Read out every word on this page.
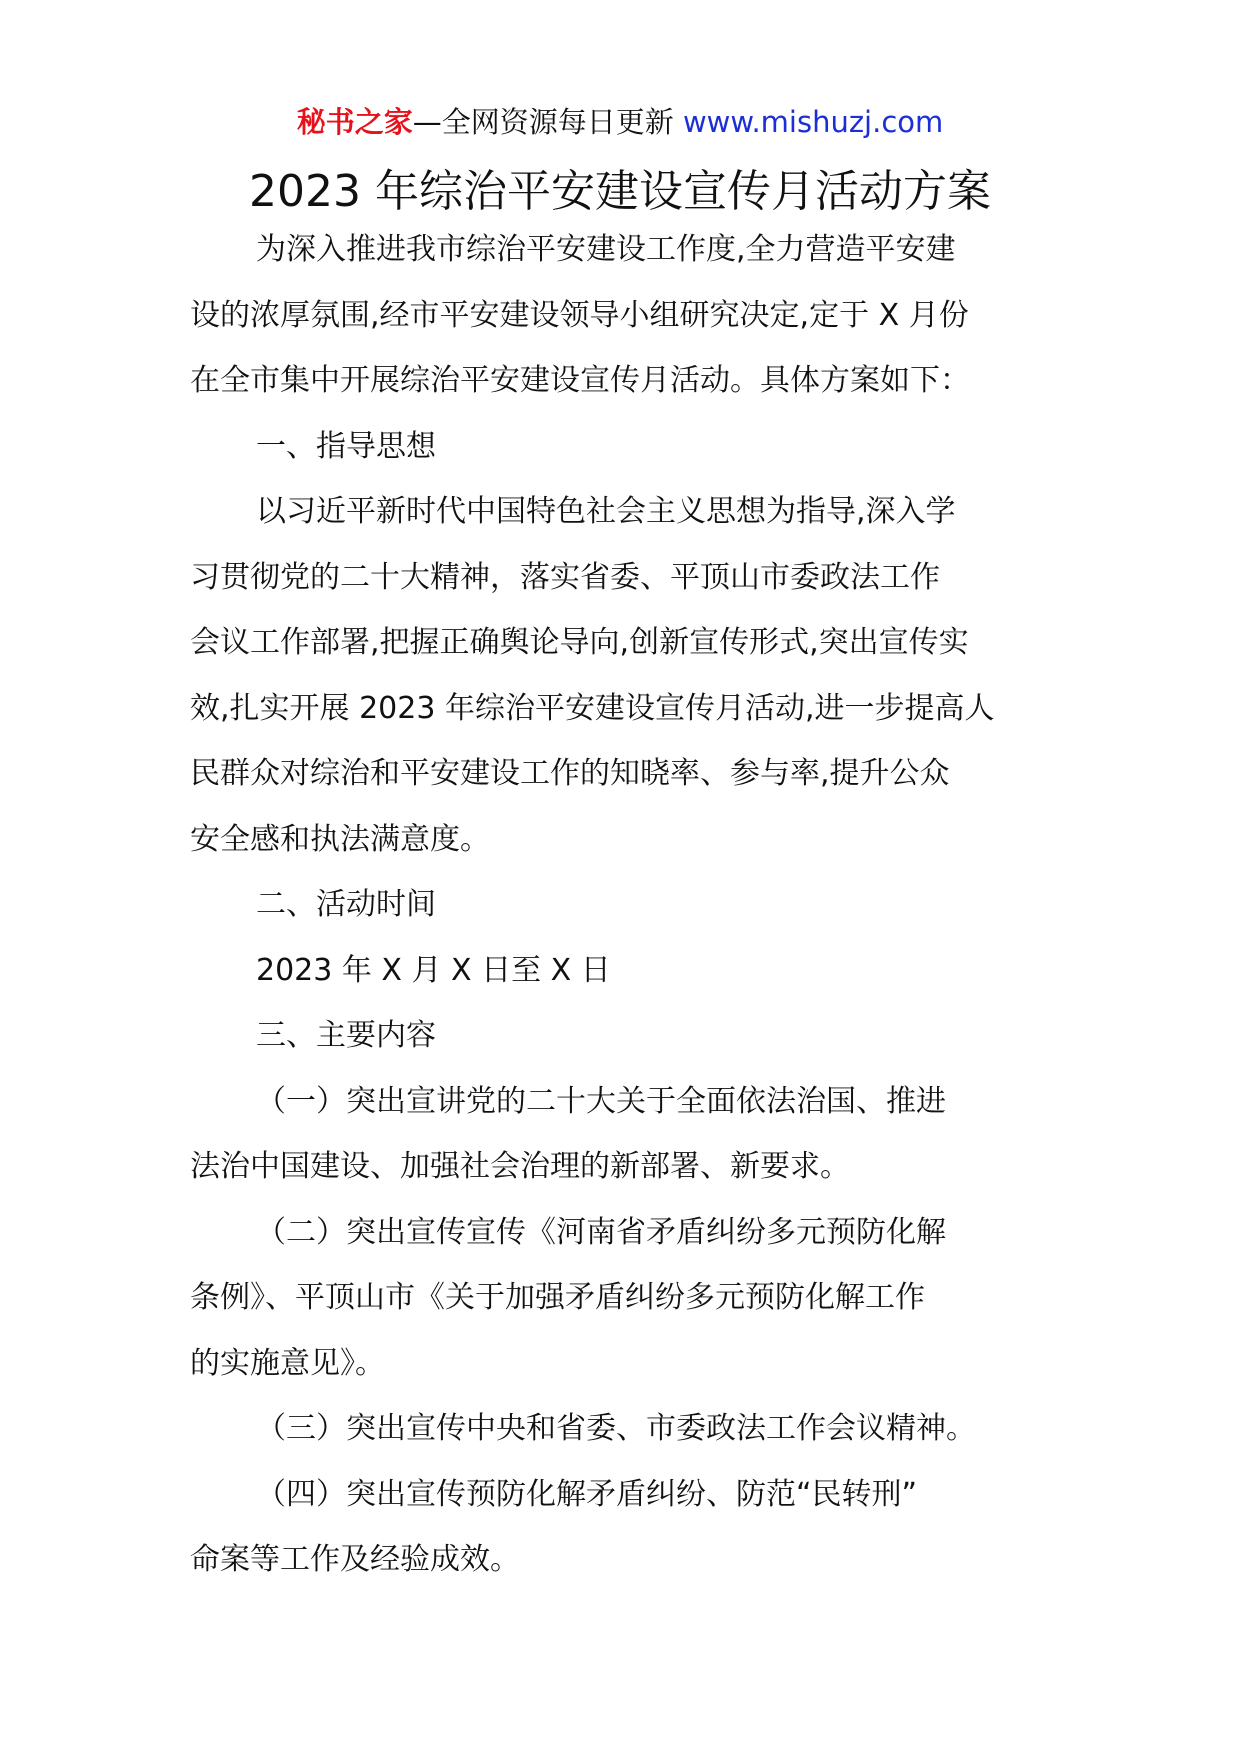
秘书之家—全网资源每日更新 www.mishuzj.com
2023 年综治平安建设宣传月活动方案
为深入推进我市综治平安建设工作度,全力营造平安建
设的浓厚氛围,经市平安建设领导小组研究决定,定于 X 月份
在全市集中开展综治平安建设宣传月活动。具体方案如下：
一、指导思想
以习近平新时代中国特色社会主义思想为指导,深入学
习贯彻党的二十大精神，落实省委、平顶山市委政法工作
会议工作部署,把握正确舆论导向,创新宣传形式,突出宣传实
效,扎实开展 2023 年综治平安建设宣传月活动,进一步提高人
民群众对综治和平安建设工作的知晓率、参与率,提升公众
安全感和执法满意度。
二、活动时间
2023 年 X 月 X 日至 X 日
三、主要内容
（一）突出宣讲党的二十大关于全面依法治国、推进
法治中国建设、加强社会治理的新部署、新要求。
（二）突出宣传宣传《河南省矛盾纠纷多元预防化解
条例》、平顶山市《关于加强矛盾纠纷多元预防化解工作
的实施意见》。
（三）突出宣传中央和省委、市委政法工作会议精神。
（四）突出宣传预防化解矛盾纠纷、防范“民转刑”
命案等工作及经验成效。
